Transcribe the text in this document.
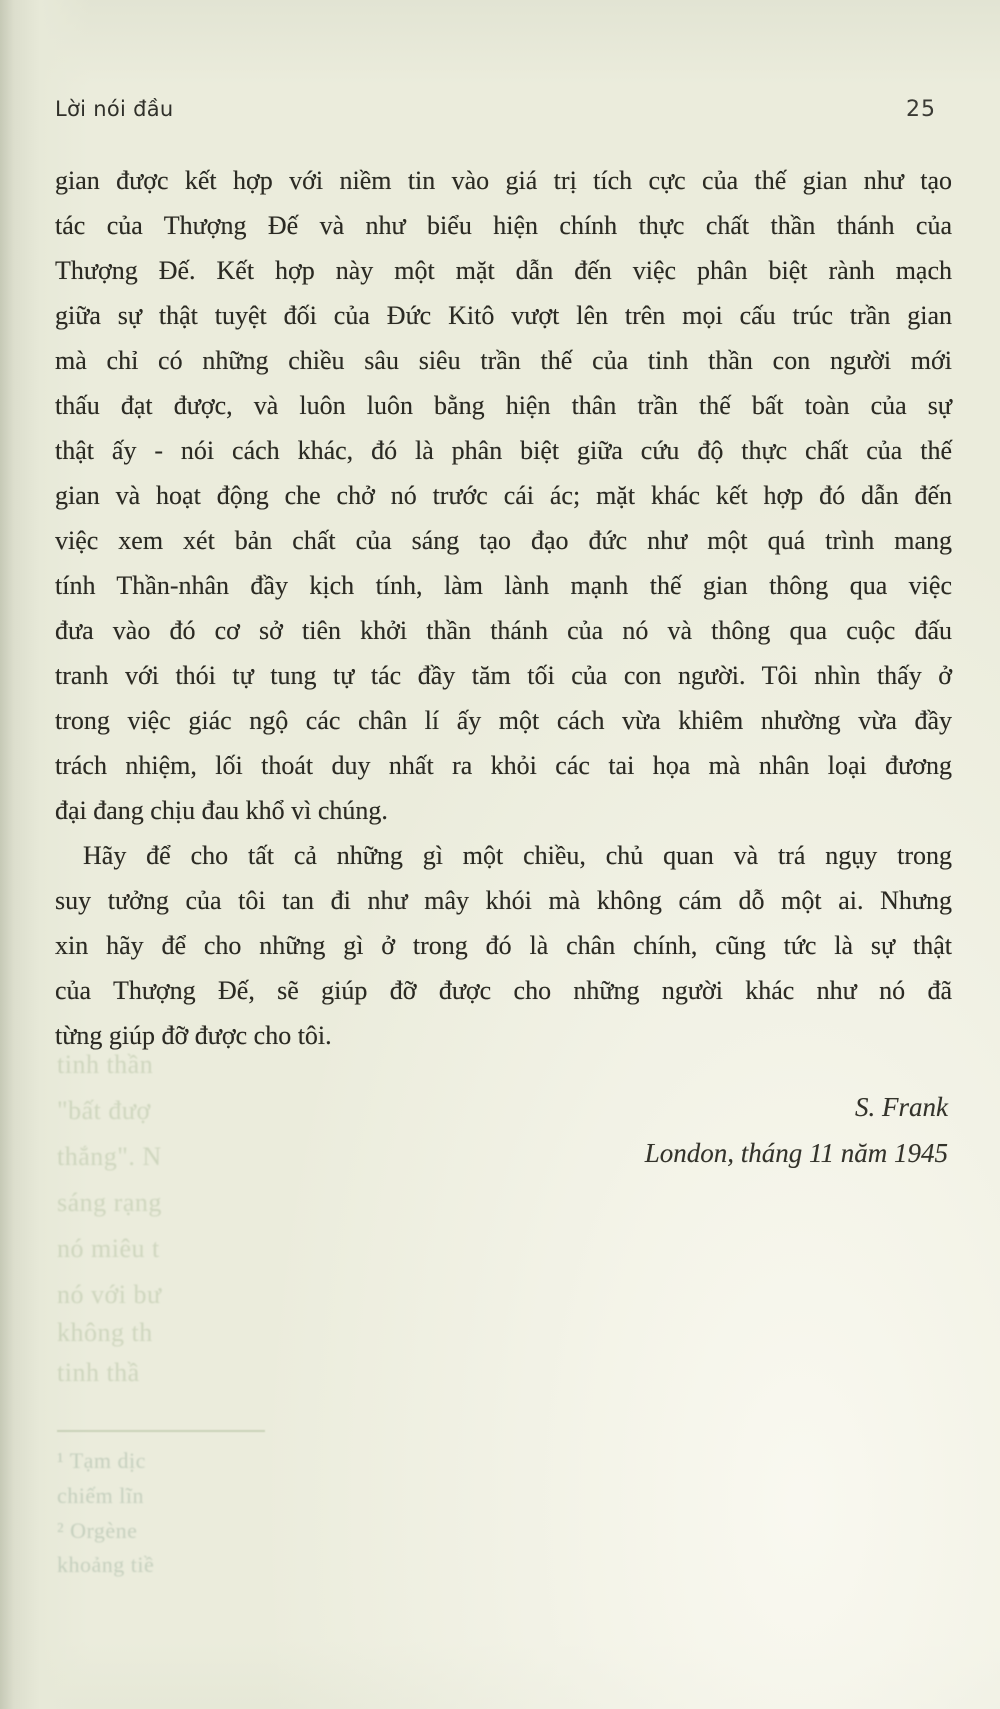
Lời nói đầu	25
gian được kết hợp với niềm tin vào giá trị tích cực của thế gian như tạo
tác của Thượng Đế và như biểu hiện chính thực chất thần thánh của
Thượng Đế. Kết hợp này một mặt dẫn đến việc phân biệt rành mạch
giữa sự thật tuyệt đối của Đức Kitô vượt lên trên mọi cấu trúc trần gian
mà chỉ có những chiều sâu siêu trần thế của tinh thần con người mới
thấu đạt được, và luôn luôn bằng hiện thân trần thế bất toàn của sự
thật ấy - nói cách khác, đó là phân biệt giữa cứu độ thực chất của thế
gian và hoạt động che chở nó trước cái ác; mặt khác kết hợp đó dẫn đến
việc xem xét bản chất của sáng tạo đạo đức như một quá trình mang
tính Thần-nhân đầy kịch tính, làm lành mạnh thế gian thông qua việc
đưa vào đó cơ sở tiên khởi thần thánh của nó và thông qua cuộc đấu
tranh với thói tự tung tự tác đầy tăm tối của con người. Tôi nhìn thấy ở
trong việc giác ngộ các chân lí ấy một cách vừa khiêm nhường vừa đầy
trách nhiệm, lối thoát duy nhất ra khỏi các tai họa mà nhân loại đương
đại đang chịu đau khổ vì chúng.
Hãy để cho tất cả những gì một chiều, chủ quan và trá ngụy trong
suy tưởng của tôi tan đi như mây khói mà không cám dỗ một ai. Nhưng
xin hãy để cho những gì ở trong đó là chân chính, cũng tức là sự thật
của Thượng Đế, sẽ giúp đỡ được cho những người khác như nó đã
từng giúp đỡ được cho tôi.
S. Frank
London, tháng 11 năm 1945
tinh thần
"bất đượ
thắng". N
sáng rạng
nó miêu t
nó với bư
không th
tinh thầ
¹ Tạm dịc
chiếm lĩn
² Orgène
khoảng tiề
